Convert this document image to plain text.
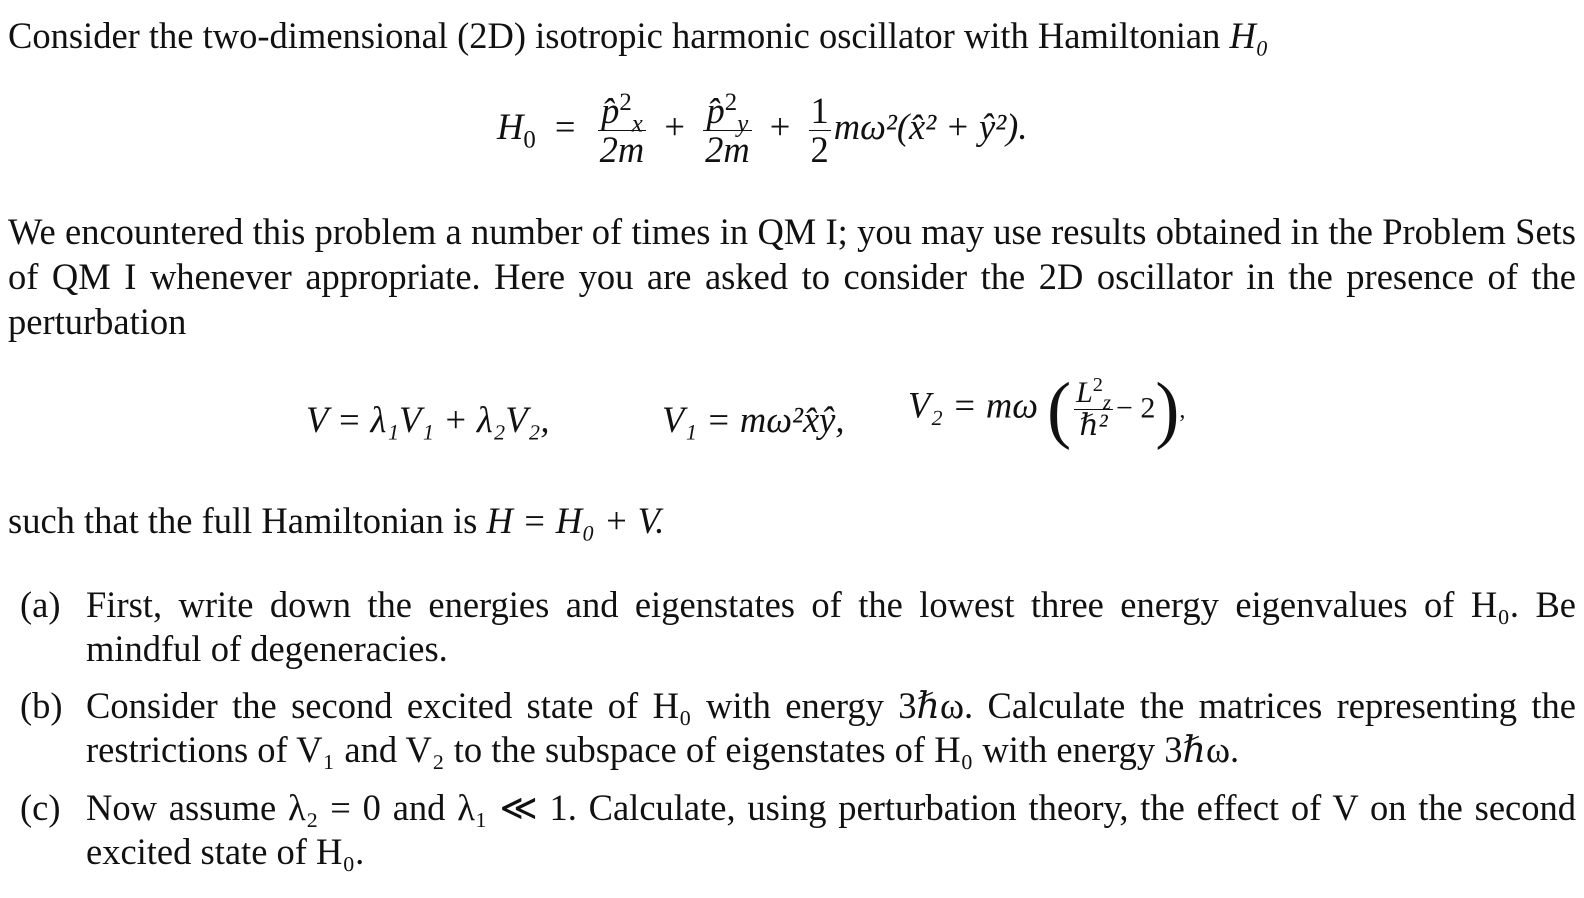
Consider the two-dimensional (2D) isotropic harmonic oscillator with Hamiltonian H₀
$H_0 = \frac{p̂^2_x}{2m} + \frac{p̂^2_y}{2m} + \frac{1}{2}$ mω²(x̂² + ŷ²).
We encountered this problem a number of times in QM I; you may use results obtained in the Problem Sets of QM I whenever appropriate. Here you are asked to consider the 2D oscillator in the presence of the perturbation
V = λ₁V₁ + λ₂V₂,	V₁ = mω²x̂ŷ, V₂ = mω ( $\frac{L^2_z}{\text{ℏ²}} - 2$),
such that the full Hamiltonian is H = H₀ + V.
(a) First, write down the energies and eigenstates of the lowest three energy eigenvalues of H₀. Be mindful of degeneracies.
(b) Consider the second excited state of H₀ with energy 3ℏω. Calculate the matrices representing the restrictions of V₁ and V₂ to the subspace of eigenstates of H₀ with energy 3ℏω.
(c) Now assume λ₂ = 0 and λ₁ ≪ 1. Calculate, using perturbation theory, the effect of V on the second excited state of H₀.
